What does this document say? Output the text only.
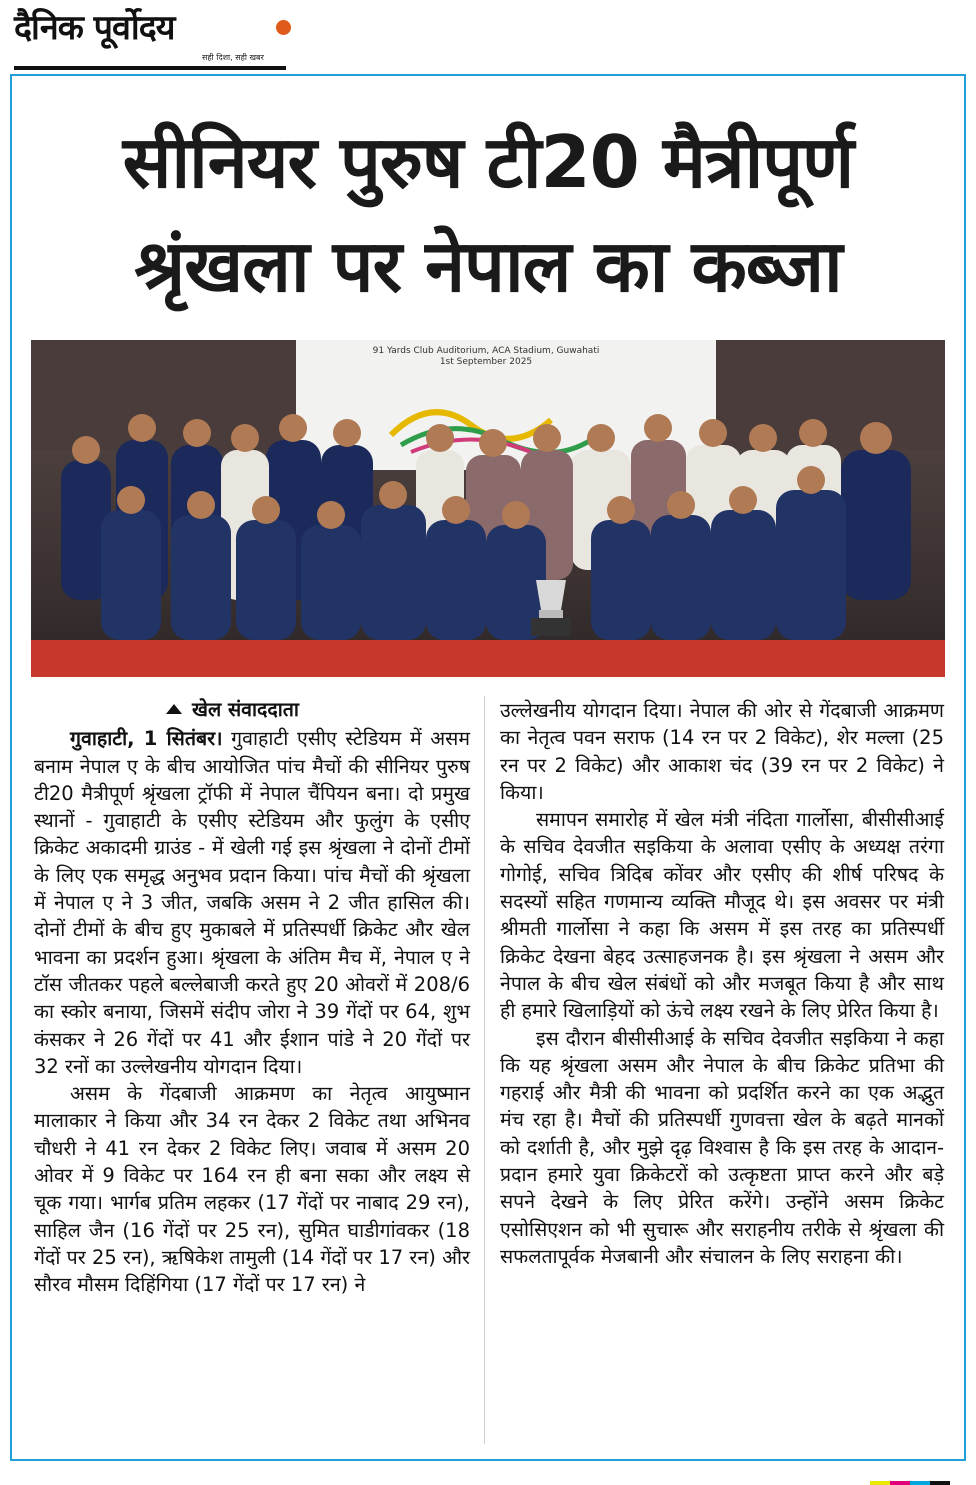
दैनिक पूर्वोदय
सही दिशा, सही खबर
सीनियर पुरुष टी20 मैत्रीपूर्ण श्रृंखला पर नेपाल का कब्जा
91 Yards Club Auditorium, ACA Stadium, Guwahati
1st September 2025
खेल संवाददाता

गुवाहाटी, 1 सितंबर। गुवाहाटी एसीए स्टेडियम में असम बनाम नेपाल ए के बीच आयोजित पांच मैचों की सीनियर पुरुष टी20 मैत्रीपूर्ण श्रृंखला ट्रॉफी में नेपाल चैंपियन बना। दो प्रमुख स्थानों - गुवाहाटी के एसीए स्टेडियम और फुलुंग के एसीए क्रिकेट अकादमी ग्राउंड - में खेली गई इस श्रृंखला ने दोनों टीमों के लिए एक समृद्ध अनुभव प्रदान किया। पांच मैचों की श्रृंखला में नेपाल ए ने 3 जीत, जबकि असम ने 2 जीत हासिल की। दोनों टीमों के बीच हुए मुकाबले में प्रतिस्पर्धी क्रिकेट और खेल भावना का प्रदर्शन हुआ। श्रृंखला के अंतिम मैच में, नेपाल ए ने टॉस जीतकर पहले बल्लेबाजी करते हुए 20 ओवरों में 208/6 का स्कोर बनाया, जिसमें संदीप जोरा ने 39 गेंदों पर 64, शुभ कंसकर ने 26 गेंदों पर 41 और ईशान पांडे ने 20 गेंदों पर 32 रनों का उल्लेखनीय योगदान दिया।

असम के गेंदबाजी आक्रमण का नेतृत्व आयुष्मान मालाकार ने किया और 34 रन देकर 2 विकेट तथा अभिनव चौधरी ने 41 रन देकर 2 विकेट लिए। जवाब में असम 20 ओवर में 9 विकेट पर 164 रन ही बना सका और लक्ष्य से चूक गया। भार्गब प्रतिम लहकर (17 गेंदों पर नाबाद 29 रन), साहिल जैन (16 गेंदों पर 25 रन), सुमित घाडीगांवकर (18 गेंदों पर 25 रन), ऋषिकेश तामुली (14 गेंदों पर 17 रन) और सौरव मौसम दिहिंगिया (17 गेंदों पर 17 रन) ने

उल्लेखनीय योगदान दिया। नेपाल की ओर से गेंदबाजी आक्रमण का नेतृत्व पवन सराफ (14 रन पर 2 विकेट), शेर मल्ला (25 रन पर 2 विकेट) और आकाश चंद (39 रन पर 2 विकेट) ने किया।

समापन समारोह में खेल मंत्री नंदिता गार्लोसा, बीसीसीआई के सचिव देवजीत सइकिया के अलावा एसीए के अध्यक्ष तरंगा गोगोई, सचिव त्रिदिब कोंवर और एसीए की शीर्ष परिषद के सदस्यों सहित गणमान्य व्यक्ति मौजूद थे। इस अवसर पर मंत्री श्रीमती गार्लोसा ने कहा कि असम में इस तरह का प्रतिस्पर्धी क्रिकेट देखना बेहद उत्साहजनक है। इस श्रृंखला ने असम और नेपाल के बीच खेल संबंधों को और मजबूत किया है और साथ ही हमारे खिलाड़ियों को ऊंचे लक्ष्य रखने के लिए प्रेरित किया है।

इस दौरान बीसीसीआई के सचिव देवजीत सइकिया ने कहा कि यह श्रृंखला असम और नेपाल के बीच क्रिकेट प्रतिभा की गहराई और मैत्री की भावना को प्रदर्शित करने का एक अद्भुत मंच रहा है। मैचों की प्रतिस्पर्धी गुणवत्ता खेल के बढ़ते मानकों को दर्शाती है, और मुझे दृढ़ विश्वास है कि इस तरह के आदान-प्रदान हमारे युवा क्रिकेटरों को उत्कृष्टता प्राप्त करने और बड़े सपने देखने के लिए प्रेरित करेंगे। उन्होंने असम क्रिकेट एसोसिएशन को भी सुचारू और सराहनीय तरीके से श्रृंखला की सफलतापूर्वक मेजबानी और संचालन के लिए सराहना की।
